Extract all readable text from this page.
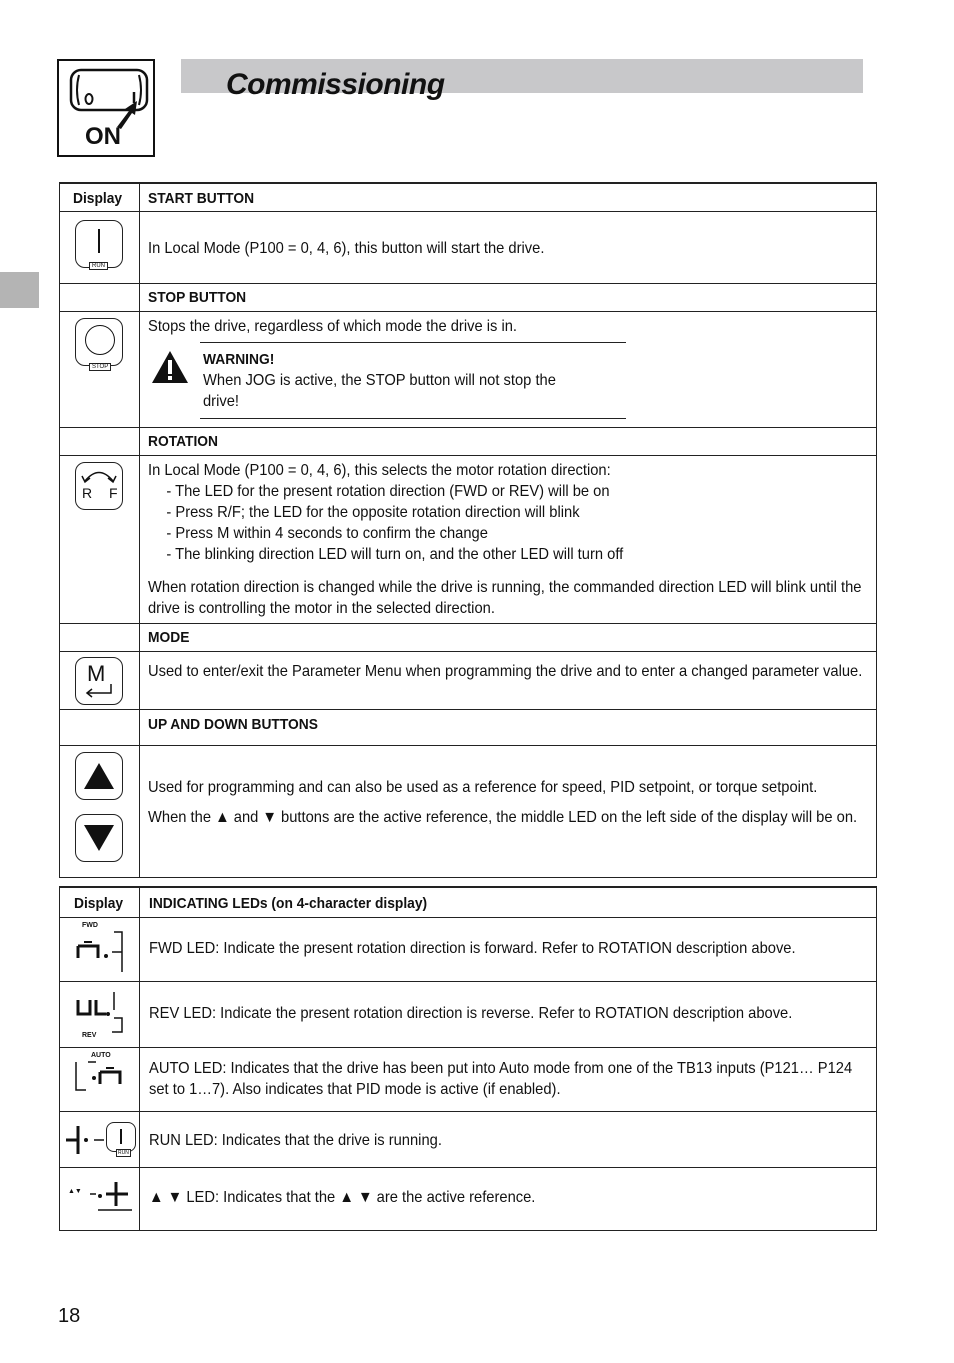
ON
Commissioning
Display START BUTTON
RUN
In Local Mode (P100 = 0, 4, 6), this button will start the drive.
STOP BUTTON
STOP
Stops the drive, regardless of which mode the drive is in.
WARNING!
When JOG is active, the STOP button will not stop the drive!
ROTATION
R F
In Local Mode (P100 = 0, 4, 6), this selects the motor rotation direction:
- The LED for the present rotation direction (FWD or REV) will be on
- Press R/F; the LED for the opposite rotation direction will blink
- Press M within 4 seconds to confirm the change
- The blinking direction LED will turn on, and the other LED will turn off
When rotation direction is changed while the drive is running, the commanded direction LED will blink until the drive is controlling the motor in the selected direction.
MODE
M	Used to enter/exit the Parameter Menu when programming the drive and to enter a changed parameter value.
UP AND DOWN BUTTONS
Used for programming and can also be used as a reference for speed, PID setpoint, or torque setpoint.
When the ▲ and ▼ buttons are the active reference, the middle LED on the left side of the display will be on.
Display INDICATING LEDs (on 4-character display)
FWD
FWD LED: Indicate the present rotation direction is forward. Refer to ROTATION description above.
REV
REV LED: Indicate the present rotation direction is reverse. Refer to ROTATION description above.
AUTO
AUTO LED: Indicates that the drive has been put into Auto mode from one of the TB13 inputs (P121… P124 set to 1…7). Also indicates that PID mode is active (if enabled).
RUN
RUN LED: Indicates that the drive is running.
▲▼	▲ ▼ LED: Indicates that the ▲ ▼ are the active reference.
18
